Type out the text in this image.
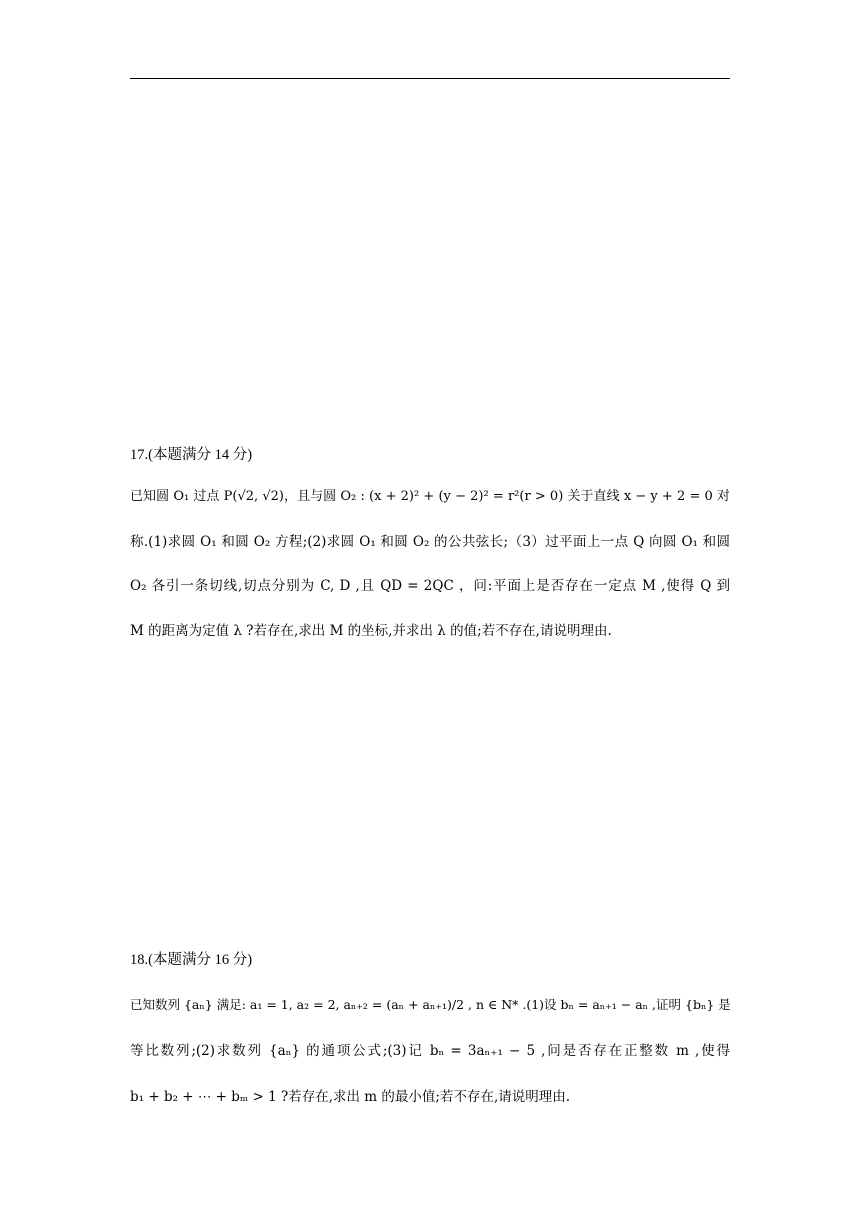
17.(本题满分 14 分)

已知圆 O₁ 过点 P(√2, √2)，且与圆 O₂ : (x + 2)² + (y − 2)² = r²(r > 0) 关于直线 x − y + 2 = 0 对

称.(1)求圆 O₁ 和圆 O₂ 方程;(2)求圆 O₁ 和圆 O₂ 的公共弦长;（3）过平面上一点 Q 向圆 O₁ 和圆

O₂ 各引一条切线,切点分别为 C, D ,且 QD = 2QC ，问:平面上是否存在一定点 M ,使得 Q 到

M 的距离为定值 λ ?若存在,求出 M 的坐标,并求出 λ 的值;若不存在,请说明理由.

18.(本题满分 16 分)

已知数列 {aₙ} 满足: a₁ = 1, a₂ = 2, aₙ₊₂ = (aₙ + aₙ₊₁)/2 , n ∈ N* .(1)设 bₙ = aₙ₊₁ − aₙ ,证明 {bₙ} 是

等比数列;(2)求数列 {aₙ} 的通项公式;(3)记 bₙ = 3aₙ₊₁ − 5 ,问是否存在正整数 m ,使得

b₁ + b₂ + ⋯ + bₘ > 1 ?若存在,求出 m 的最小值;若不存在,请说明理由.
